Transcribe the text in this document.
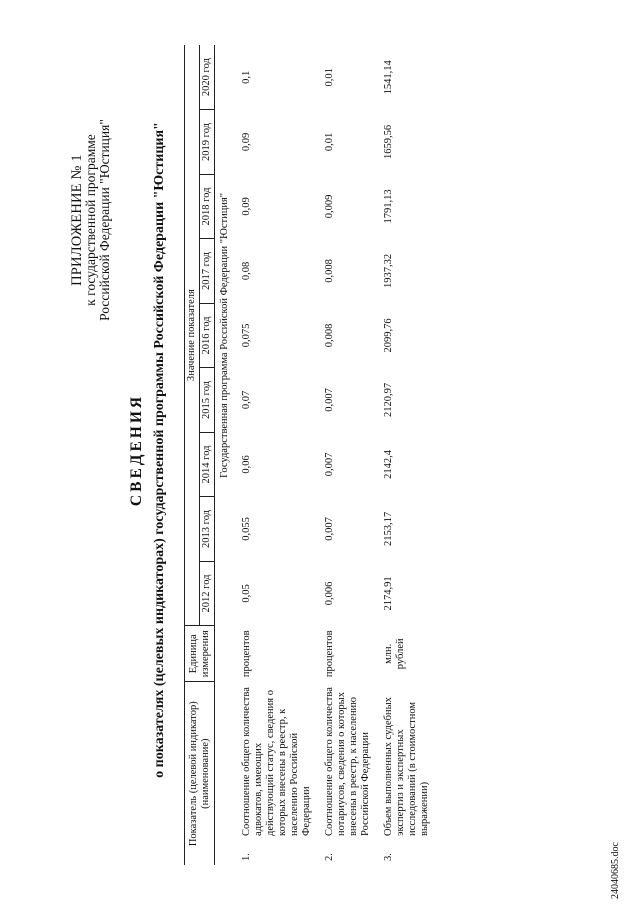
ПРИЛОЖЕНИЕ № 1
к государственной программе Российской Федерации "Юстиция"
СВЕДЕНИЯ о показателях (целевых индикаторах) государственной программы Российской Федерации "Юстиция" Показатель (целевой индикатор) (наименование)		Единица измерения	Значение показателя								
			2012 год	2013 год	2014 год	2015 год	2016 год	2017 год	2018 год	2019 год	2020 год
			Государственная программа Российской Федерации "Юстиция"								
1.	Соотношение общего количества адвокатов, имеющих действующий статус, сведения о которых внесены в реестр, к населению Российской Федерации	процентов	0,05	0,055	0,06	0,07	0,075	0,08	0,09	0,09	0,1
2.	Соотношение общего количества нотариусов, сведения о которых внесены в реестр, к населению Российской Федерации	процентов	0,006	0,007	0,007	0,007	0,008	0,008	0,009	0,01	0,01
3.	Объем выполненных судебных экспертиз и экспертных исследований (в стоимостном выражении)	млн. рублей	2174,91	2153,17	2142,4	2120,97	2099,76	1937,32	1791,13	1659,56	1541,14
24040685.doc
